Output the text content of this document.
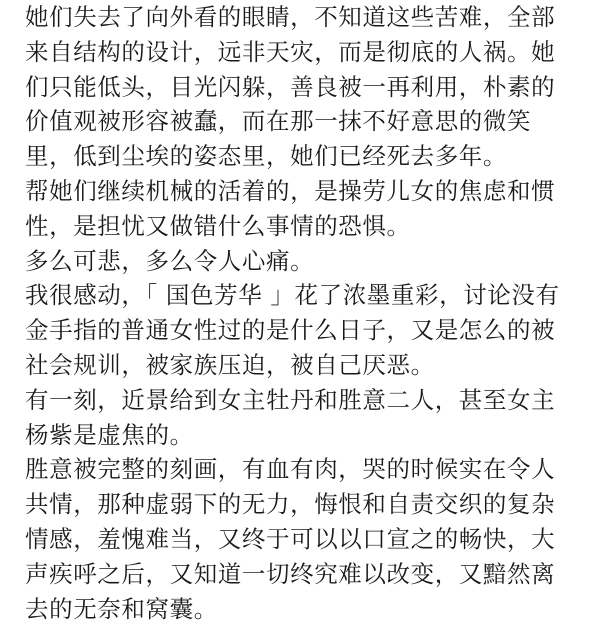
她们失去了向外看的眼睛，不知道这些苦难，全部
来自结构的设计，远非天灾，而是彻底的人祸。她
们只能低头，目光闪躲，善良被一再利用，朴素的
价值观被形容被蠢，而在那一抹不好意思的微笑
里，低到尘埃的姿态里，她们已经死去多年。
帮她们继续机械的活着的，是操劳儿女的焦虑和惯
性，是担忧又做错什么事情的恐惧。
多么可悲，多么令人心痛。
我很感动，「 国色芳华 」花了浓墨重彩，讨论没有
金手指的普通女性过的是什么日子，又是怎么的被
社会规训，被家族压迫，被自己厌恶。
有一刻，近景给到女主牡丹和胜意二人，甚至女主
杨紫是虚焦的。
胜意被完整的刻画，有血有肉，哭的时候实在令人
共情，那种虚弱下的无力，悔恨和自责交织的复杂
情感，羞愧难当，又终于可以以口宣之的畅快，大
声疾呼之后，又知道一切终究难以改变，又黯然离
去的无奈和窝囊。
